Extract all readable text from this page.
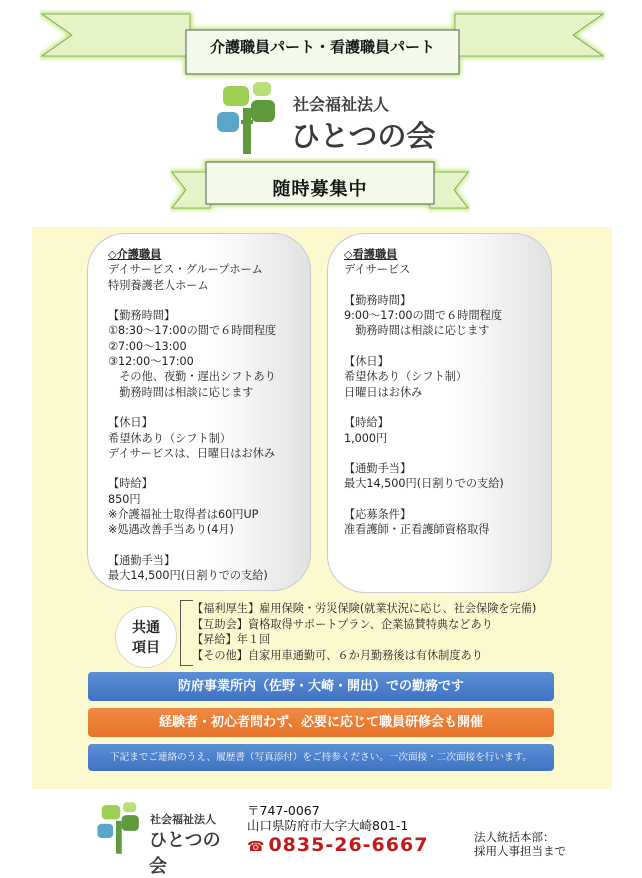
介護職員パート・看護職員パート
社会福祉法人
ひとつの会
随時募集中
◇介護職員
デイサービス・グループホーム
特別養護老人ホーム
【勤務時間】
①8:30～17:00の間で６時間程度
②7:00～13:00
③12:00～17:00
　その他、夜勤・遅出シフトあり
　勤務時間は相談に応じます
【休日】
希望休あり（シフト制）
デイサービスは、日曜日はお休み
【時給】
850円
※介護福祉士取得者は60円UP
※処遇改善手当あり(4月)
【通勤手当】
最大14,500円(日割りでの支給)
◇看護職員
デイサービス
【勤務時間】
9:00～17:00の間で６時間程度
　勤務時間は相談に応じます
【休日】
希望休あり（シフト制）
日曜日はお休み
【時給】
1,000円
【通勤手当】
最大14,500円(日割りでの支給)
【応募条件】
准看護師・正看護師資格取得
共通
項目
【福利厚生】雇用保険・労災保険(就業状況に応じ、社会保険を完備)
【互助会】資格取得サポートプラン、企業協賛特典などあり
【昇給】年１回
【その他】自家用車通勤可、６か月勤務後は有休制度あり
防府事業所内（佐野・大崎・開出）での勤務です
経験者・初心者問わず、必要に応じて職員研修会も開催
下記までご連絡のうえ、履歴書（写真添付）をご持参ください。一次面接・二次面接を行います。
社会福祉法人
ひとつの会
〒747-0067
山口県防府市大字大崎801-1
☎ 0835-26-6667	法人統括本部：
採用人事担当まで
